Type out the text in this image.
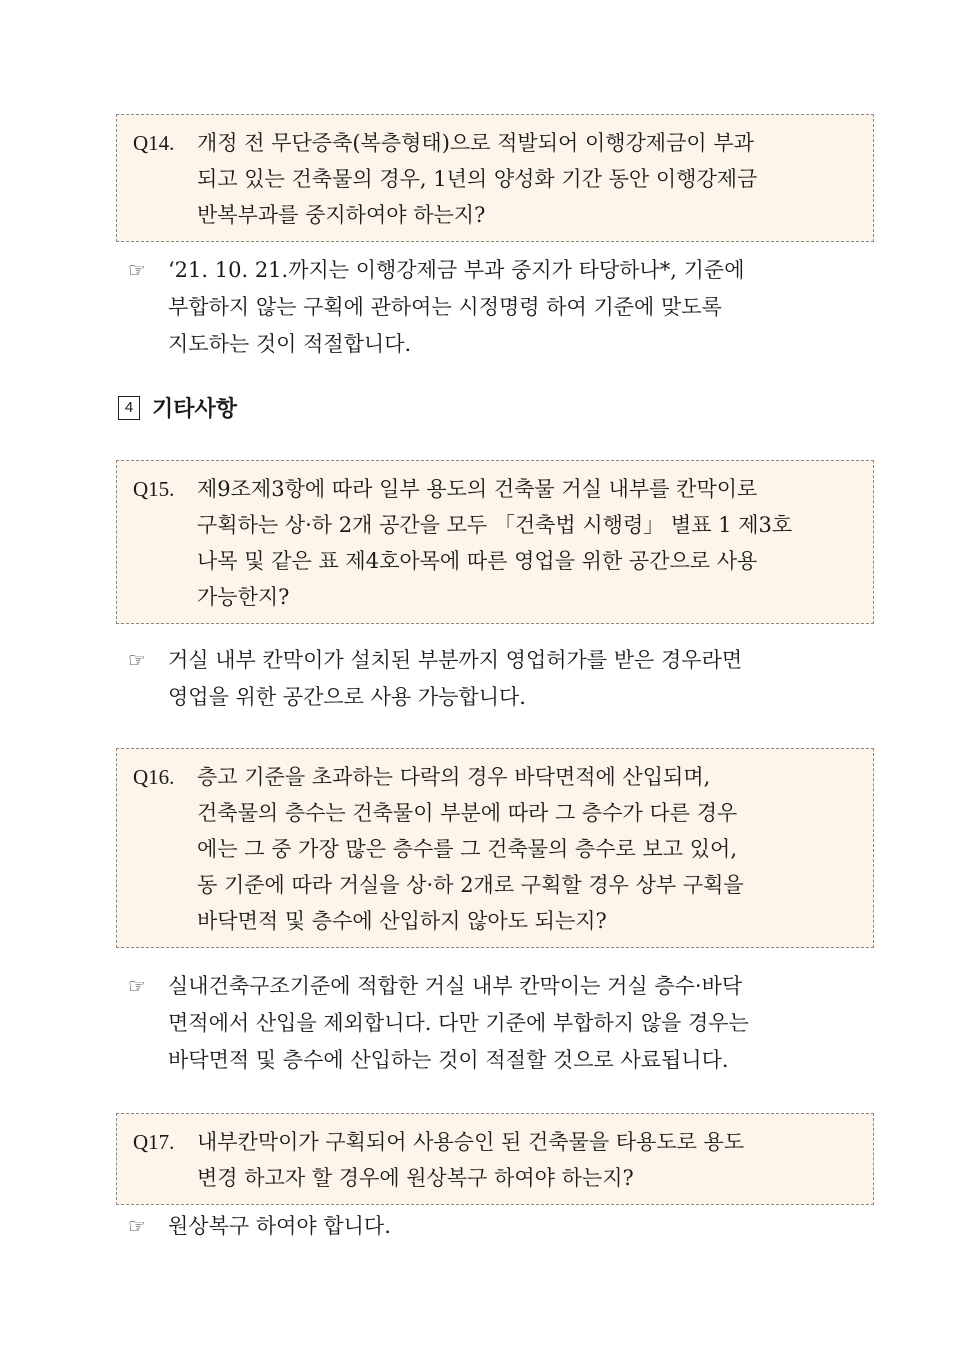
Q14. 개정 전 무단증축(복층형태)으로 적발되어 이행강제금이 부과
되고 있는 건축물의 경우, 1년의 양성화 기간 동안 이행강제금
반복부과를 중지하여야 하는지?
☞ ‘21. 10. 21.까지는 이행강제금 부과 중지가 타당하나*, 기준에
부합하지 않는 구획에 관하여는 시정명령 하여 기준에 맞도록
지도하는 것이 적절합니다.
4 기타사항
Q15. 제9조제3항에 따라 일부 용도의 건축물 거실 내부를 칸막이로
구획하는 상·하 2개 공간을 모두 「건축법 시행령」 별표 1 제3호
나목 및 같은 표 제4호아목에 따른 영업을 위한 공간으로 사용
가능한지?
☞ 거실 내부 칸막이가 설치된 부분까지 영업허가를 받은 경우라면
영업을 위한 공간으로 사용 가능합니다.
Q16. 층고 기준을 초과하는 다락의 경우 바닥면적에 산입되며,
건축물의 층수는 건축물이 부분에 따라 그 층수가 다른 경우
에는 그 중 가장 많은 층수를 그 건축물의 층수로 보고 있어,
동 기준에 따라 거실을 상·하 2개로 구획할 경우 상부 구획을
바닥면적 및 층수에 산입하지 않아도 되는지?
☞ 실내건축구조기준에 적합한 거실 내부 칸막이는 거실 층수·바닥
면적에서 산입을 제외합니다. 다만 기준에 부합하지 않을 경우는
바닥면적 및 층수에 산입하는 것이 적절할 것으로 사료됩니다.
Q17. 내부칸막이가 구획되어 사용승인 된 건축물을 타용도로 용도
변경 하고자 할 경우에 원상복구 하여야 하는지?
☞ 원상복구 하여야 합니다.
